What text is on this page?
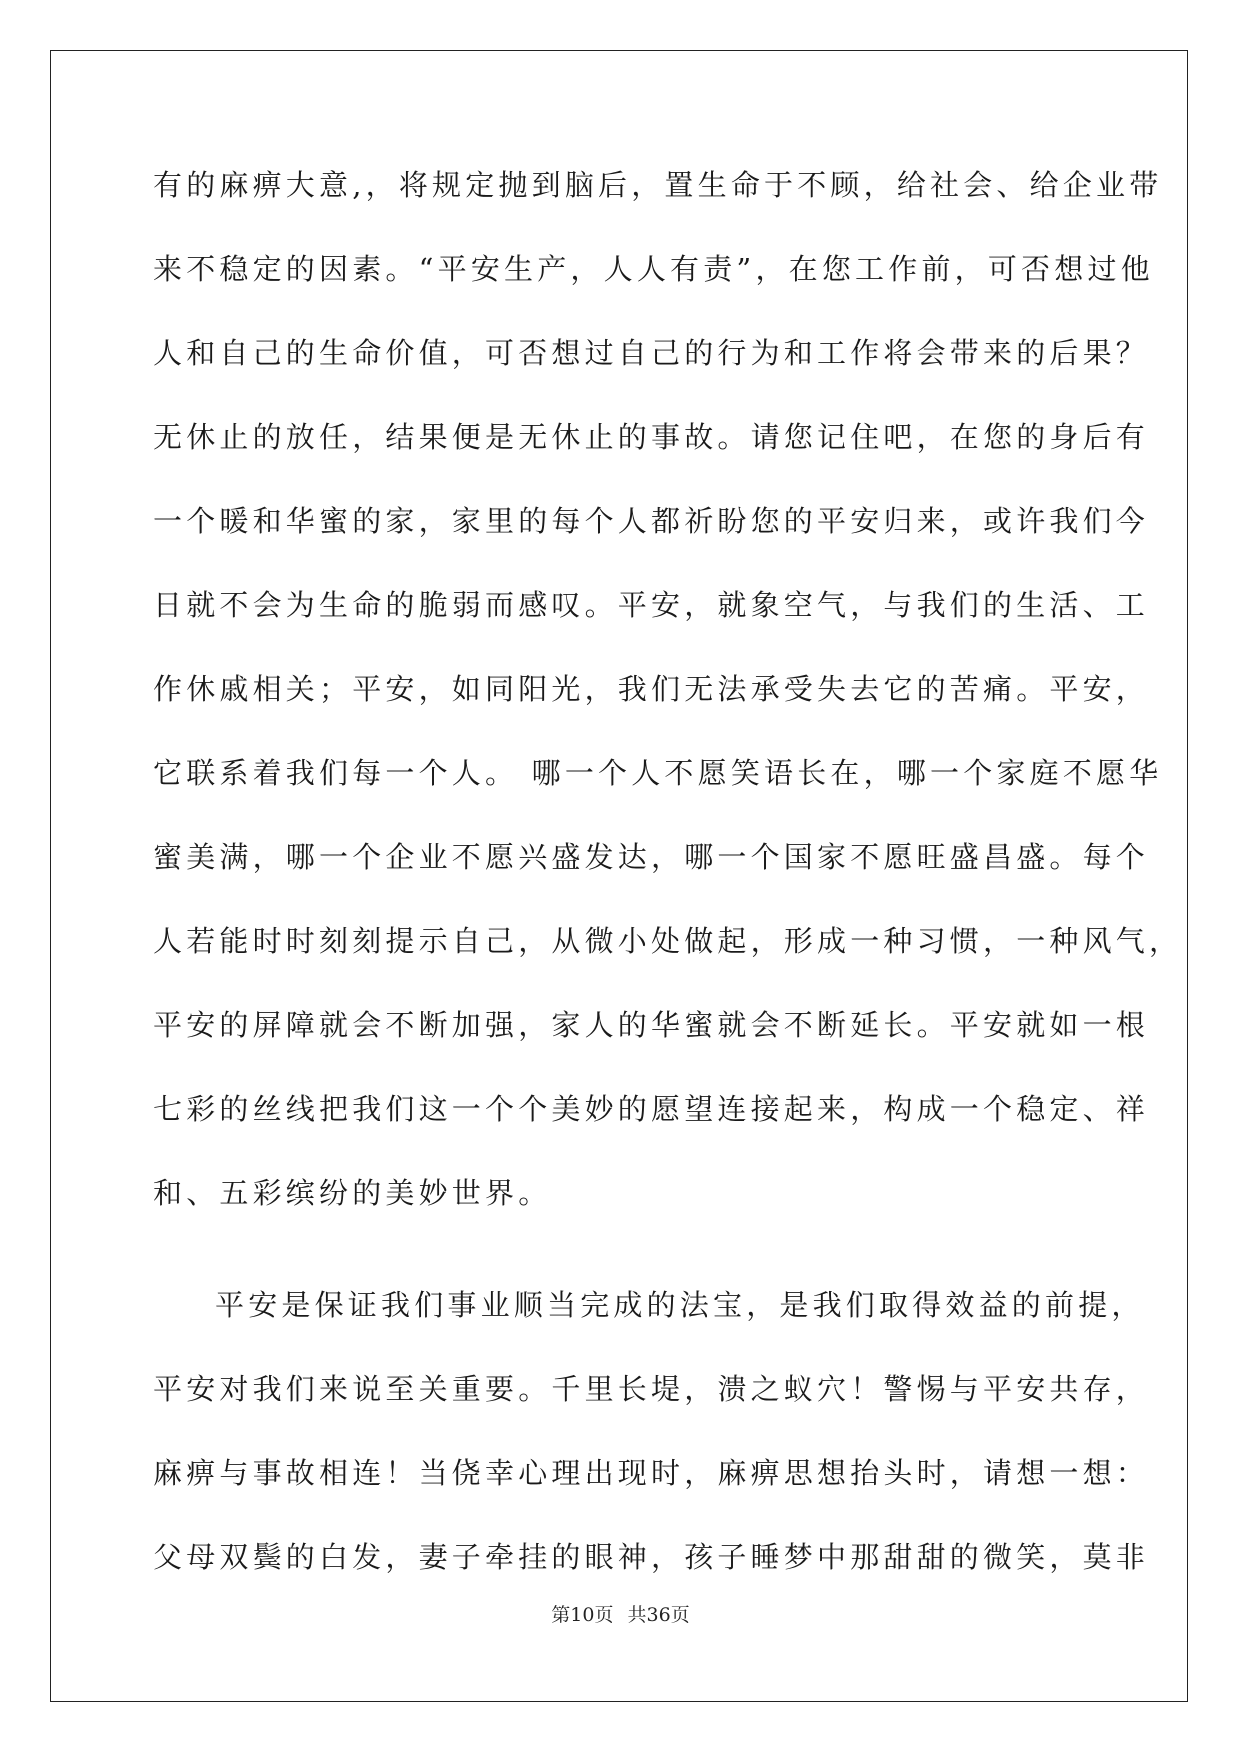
有的麻痹大意,，将规定抛到脑后，置生命于不顾，给社会、给企业带
来不稳定的因素。“平安生产，人人有责”，在您工作前，可否想过他
人和自己的生命价值，可否想过自己的行为和工作将会带来的后果？
无休止的放任，结果便是无休止的事故。请您记住吧，在您的身后有
一个暖和华蜜的家，家里的每个人都祈盼您的平安归来，或许我们今
日就不会为生命的脆弱而感叹。平安，就象空气，与我们的生活、工
作休戚相关；平安，如同阳光，我们无法承受失去它的苦痛。平安，
它联系着我们每一个人。 哪一个人不愿笑语长在，哪一个家庭不愿华
蜜美满，哪一个企业不愿兴盛发达，哪一个国家不愿旺盛昌盛。每个
人若能时时刻刻提示自己，从微小处做起，形成一种习惯，一种风气，
平安的屏障就会不断加强，家人的华蜜就会不断延长。平安就如一根
七彩的丝线把我们这一个个美妙的愿望连接起来，构成一个稳定、祥
和、五彩缤纷的美妙世界。
平安是保证我们事业顺当完成的法宝，是我们取得效益的前提，
平安对我们来说至关重要。千里长堤，溃之蚁穴！警惕与平安共存，
麻痹与事故相连！当侥幸心理出现时，麻痹思想抬头时，请想一想：
父母双鬓的白发，妻子牵挂的眼神，孩子睡梦中那甜甜的微笑，莫非
第10页 共36页
